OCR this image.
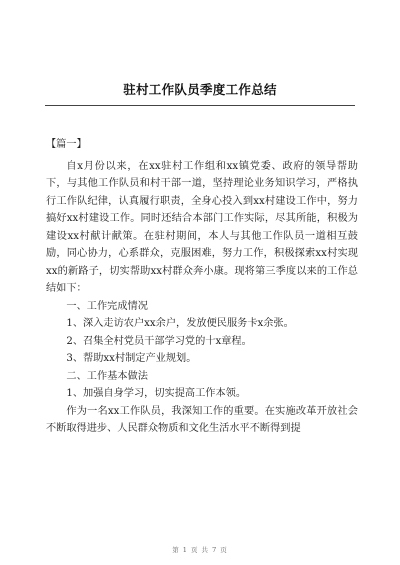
驻村工作队员季度工作总结

【篇一】

自x月份以来，在xx驻村工作组和xx镇党委、政府的领导帮助下，与其他工作队员和村干部一道，坚持理论业务知识学习，严格执行工作队纪律，认真履行职责，全身心投入到xx村建设工作中，努力搞好xx村建设工作。同时还结合本部门工作实际，尽其所能，积极为建设xx村献计献策。在驻村期间，本人与其他工作队员一道相互鼓励，同心协力，心系群众，克服困难，努力工作，积极探索xx村实现xx的新路子，切实帮助xx村群众奔小康。现将第三季度以来的工作总结如下：

一、工作完成情况

1、深入走访农户xx余户，发放便民服务卡x余张。

2、召集全村党员干部学习党的十x章程。

3、帮助xx村制定产业规划。

二、工作基本做法

1、加强自身学习，切实提高工作本领。

作为一名xx工作队员，我深知工作的重要。在实施改革开放社会不断取得进步、人民群众物质和文化生活水平不断得到提

第 1 页 共 7 页
